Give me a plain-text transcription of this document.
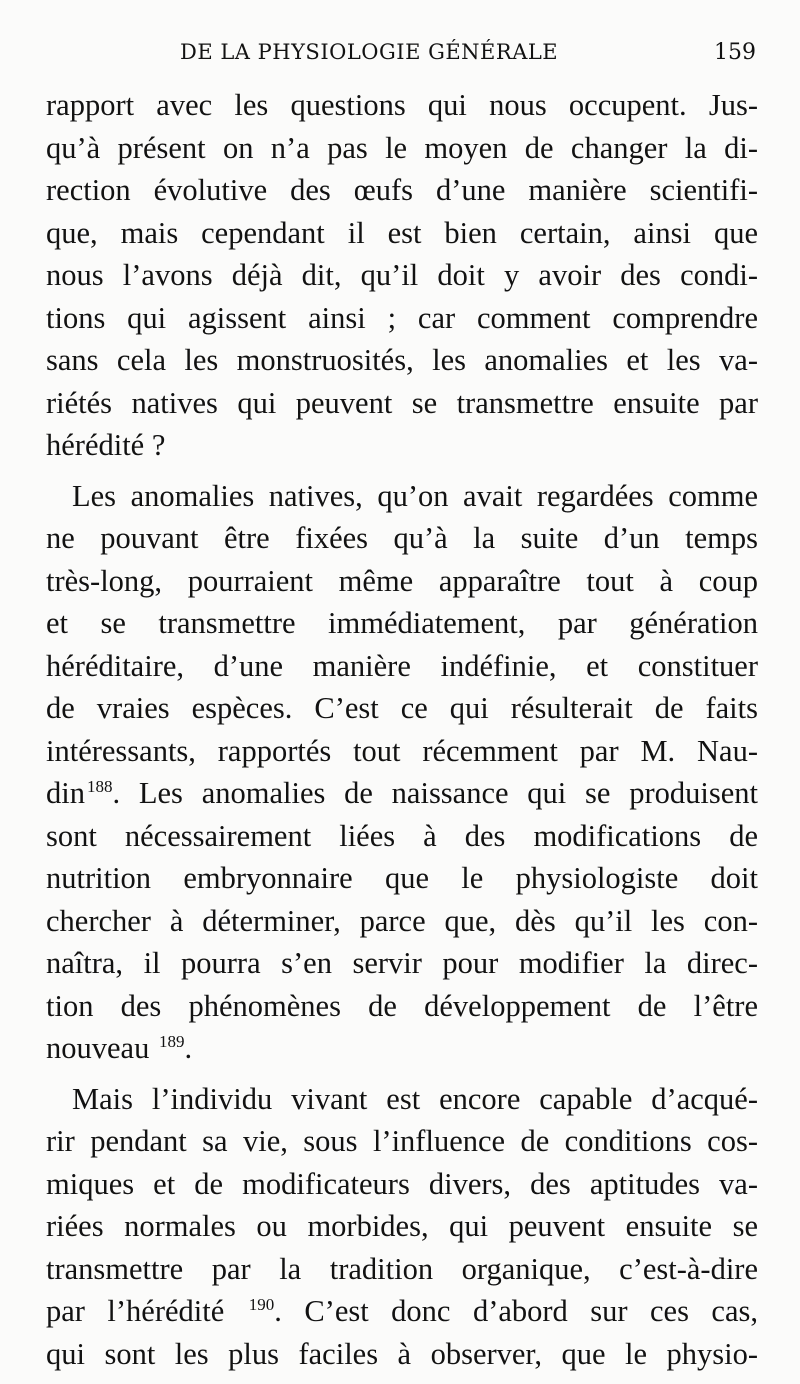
DE LA PHYSIOLOGIE GÉNÉRALE	159
rapport avec les questions qui nous occupent. Jus-
qu’à présent on n’a pas le moyen de changer la di-
rection évolutive des œufs d’une manière scientifi-
que, mais cependant il est bien certain, ainsi que
nous l’avons déjà dit, qu’il doit y avoir des condi-
tions qui agissent ainsi ; car comment comprendre
sans cela les monstruosités, les anomalies et les va-
riétés natives qui peuvent se transmettre ensuite par
hérédité ?
Les anomalies natives, qu’on avait regardées comme
ne pouvant être fixées qu’à la suite d’un temps
très-long, pourraient même apparaître tout à coup
et se transmettre immédiatement, par génération
héréditaire, d’une manière indéfinie, et constituer
de vraies espèces. C’est ce qui résulterait de faits
intéressants, rapportés tout récemment par M. Nau-
din $^{188}$. Les anomalies de naissance qui se produisent
sont nécessairement liées à des modifications de
nutrition embryonnaire que le physiologiste doit
chercher à déterminer, parce que, dès qu’il les con-
naîtra, il pourra s’en servir pour modifier la direc-
tion des phénomènes de développement de l’être
nouveau $^{189}$.
Mais l’individu vivant est encore capable d’acqué-
rir pendant sa vie, sous l’influence de conditions cos-
miques et de modificateurs divers, des aptitudes va-
riées normales ou morbides, qui peuvent ensuite se
transmettre par la tradition organique, c’est-à-dire
par l’hérédité $^{190}$. C’est donc d’abord sur ces cas,
qui sont les plus faciles à observer, que le physio-
